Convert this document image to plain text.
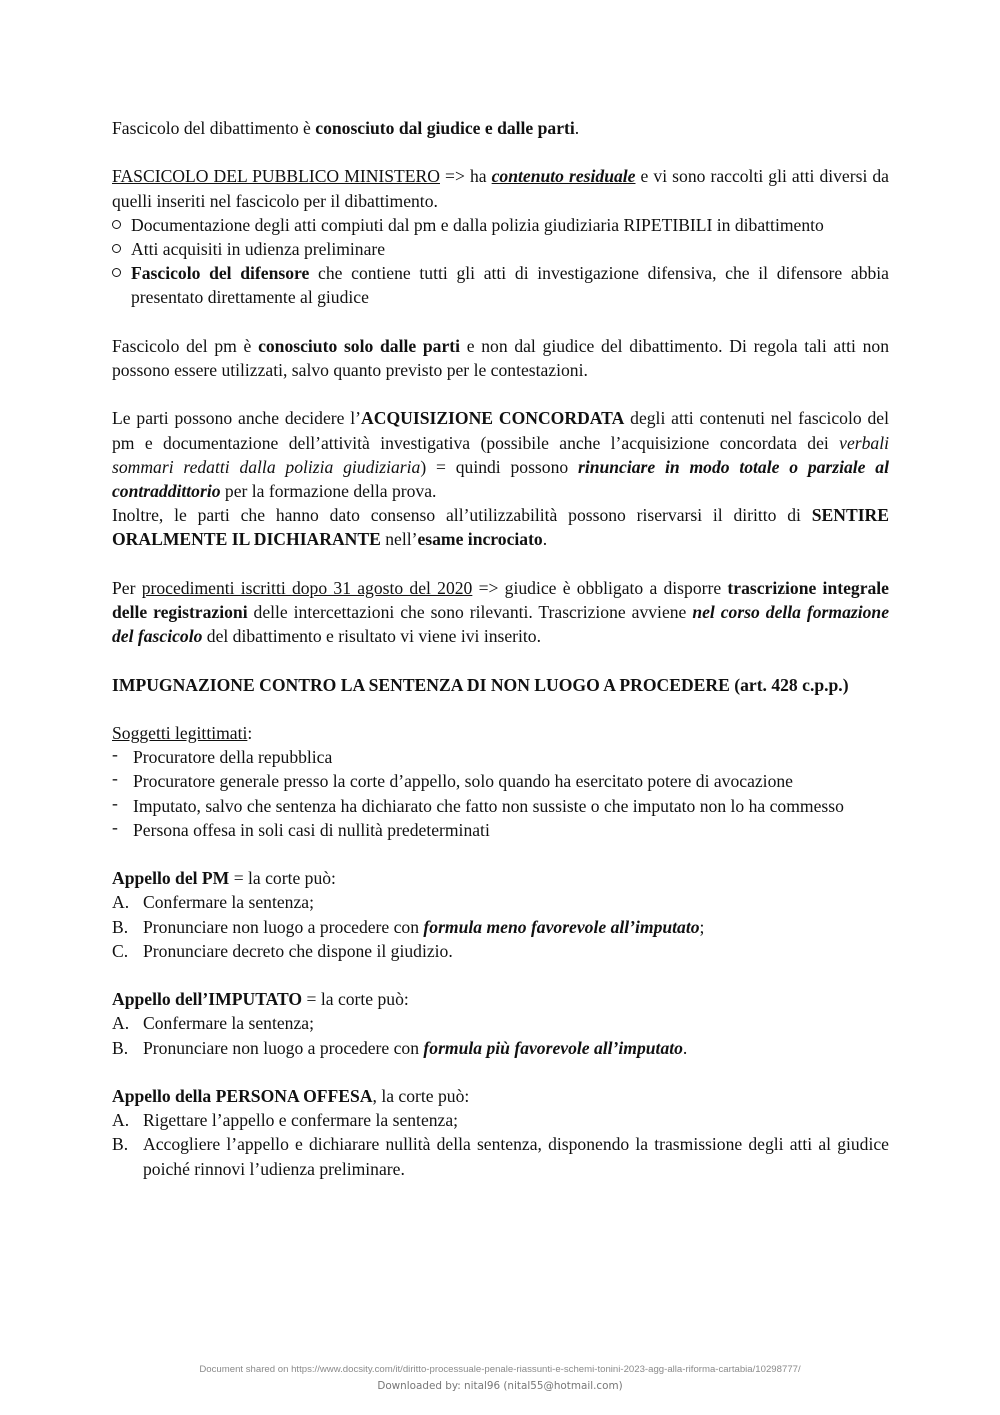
Fascicolo del dibattimento è conosciuto dal giudice e dalle parti.

FASCICOLO DEL PUBBLICO MINISTERO => ha contenuto residuale e vi sono raccolti gli atti diversi da quelli inseriti nel fascicolo per il dibattimento.

Documentazione degli atti compiuti dal pm e dalla polizia giudiziaria RIPETIBILI in dibattimento
Atti acquisiti in udienza preliminare
Fascicolo del difensore che contiene tutti gli atti di investigazione difensiva, che il difensore abbia presentato direttamente al giudice

Fascicolo del pm è conosciuto solo dalle parti e non dal giudice del dibattimento. Di regola tali atti non possono essere utilizzati, salvo quanto previsto per le contestazioni.

Le parti possono anche decidere l’ACQUISIZIONE CONCORDATA degli atti contenuti nel fascicolo del pm e documentazione dell’attività investigativa (possibile anche l’acquisizione concordata dei verbali sommari redatti dalla polizia giudiziaria) = quindi possono rinunciare in modo totale o parziale al contraddittorio per la formazione della prova.

Inoltre, le parti che hanno dato consenso all’utilizzabilità possono riservarsi il diritto di SENTIRE ORALMENTE IL DICHIARANTE nell’esame incrociato.

Per procedimenti iscritti dopo 31 agosto del 2020 => giudice è obbligato a disporre trascrizione integrale delle registrazioni delle intercettazioni che sono rilevanti. Trascrizione avviene nel corso della formazione del fascicolo del dibattimento e risultato vi viene ivi inserito.

IMPUGNAZIONE CONTRO LA SENTENZA DI NON LUOGO A PROCEDERE (art. 428 c.p.p.)

Soggetti legittimati:

- Procuratore della repubblica
- Procuratore generale presso la corte d’appello, solo quando ha esercitato potere di avocazione
- Imputato, salvo che sentenza ha dichiarato che fatto non sussiste o che imputato non lo ha commesso
- Persona offesa in soli casi di nullità predeterminati

Appello del PM = la corte può:

A. Confermare la sentenza;
B. Pronunciare non luogo a procedere con formula meno favorevole all’imputato;
C. Pronunciare decreto che dispone il giudizio.

Appello dell’IMPUTATO = la corte può:

A. Confermare la sentenza;
B. Pronunciare non luogo a procedere con formula più favorevole all’imputato.

Appello della PERSONA OFFESA, la corte può:

A. Rigettare l’appello e confermare la sentenza;
B. Accogliere l’appello e dichiarare nullità della sentenza, disponendo la trasmissione degli atti al giudice poiché rinnovi l’udienza preliminare.
Document shared on https://www.docsity.com/it/diritto-processuale-penale-riassunti-e-schemi-tonini-2023-agg-alla-riforma-cartabia/10298777/
Downloaded by: nital96 (nital55@hotmail.com)
